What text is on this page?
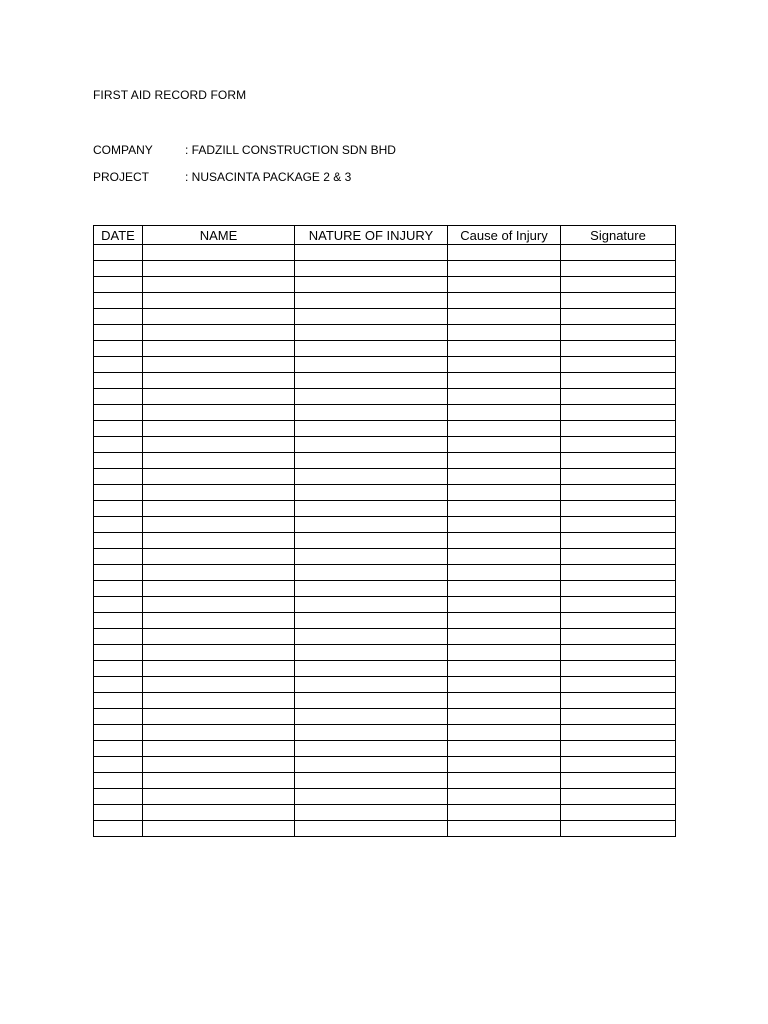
FIRST AID RECORD FORM
COMPANY	: FADZILL CONSTRUCTION SDN BHD
PROJECT	: NUSACINTA PACKAGE 2 & 3
DATE	NAME	NATURE OF INJURY	Cause of Injury	Signature
